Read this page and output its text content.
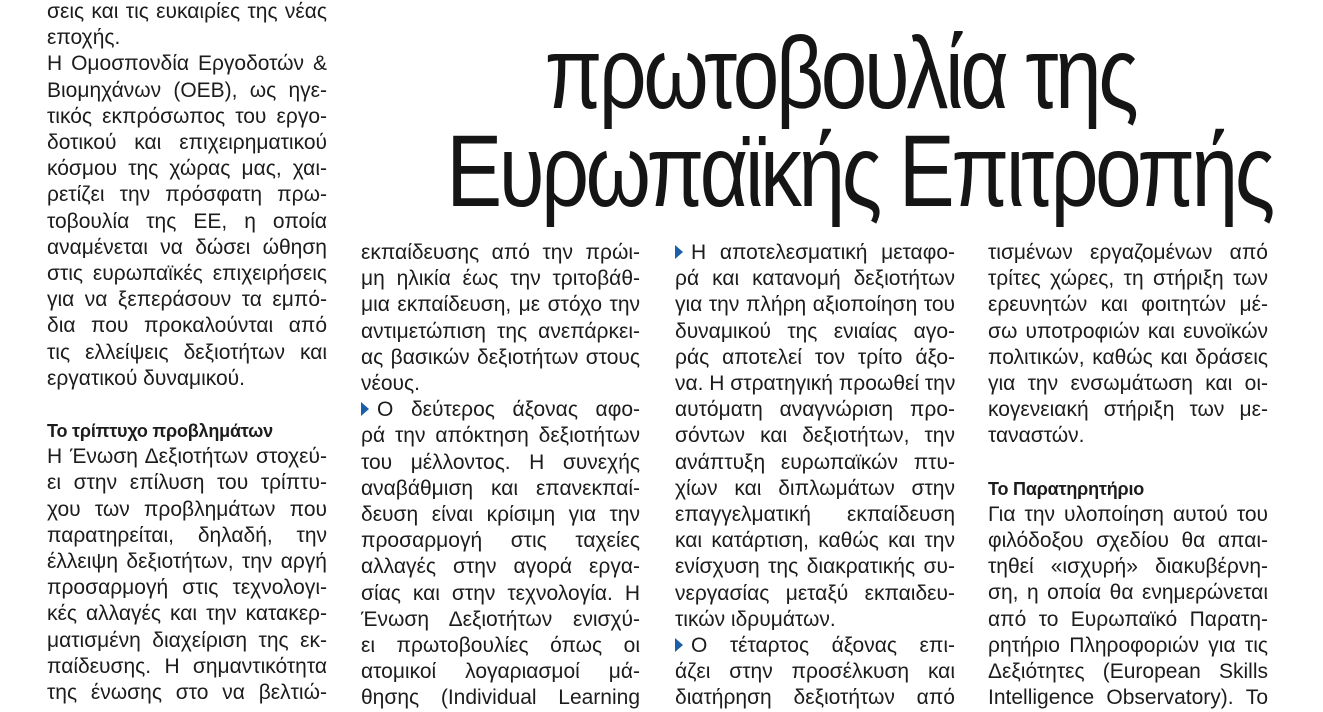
πρωτοβουλία της
Ευρωπαϊκής Επιτροπής
σεις και τις ευκαιρίες της νέας
εποχής.
Η Ομοσπονδία Εργοδοτών &
Βιομηχάνων (ΟΕΒ), ως ηγε-
τικός εκπρόσωπος του εργο-
δοτικού και επιχειρηματικού
κόσμου της χώρας μας, χαι-
ρετίζει την πρόσφατη πρω-
τοβουλία της ΕΕ, η οποία
αναμένεται να δώσει ώθηση
στις ευρωπαϊκές επιχειρήσεις
για να ξεπεράσουν τα εμπό-
δια που προκαλούνται από
τις ελλείψεις δεξιοτήτων και
εργατικού δυναμικού.
Το τρίπτυχο προβλημάτων
Η Ένωση Δεξιοτήτων στοχεύ-
ει στην επίλυση του τρίπτυ-
χου των προβλημάτων που
παρατηρείται, δηλαδή, την
έλλειψη δεξιοτήτων, την αργή
προσαρμογή στις τεχνολογι-
κές αλλαγές και την κατακερ-
ματισμένη διαχείριση της εκ-
παίδευσης. Η σημαντικότητα
της ένωσης στο να βελτιώ-
εκπαίδευσης από την πρώι-
μη ηλικία έως την τριτοβάθ-
μια εκπαίδευση, με στόχο την
αντιμετώπιση της ανεπάρκει-
ας βασικών δεξιοτήτων στους
νέους.
Ο δεύτερος άξονας αφο-
ρά την απόκτηση δεξιοτήτων
του μέλλοντος. Η συνεχής
αναβάθμιση και επανεκπαί-
δευση είναι κρίσιμη για την
προσαρμογή στις ταχείες
αλλαγές στην αγορά εργα-
σίας και στην τεχνολογία. Η
Ένωση Δεξιοτήτων ενισχύ-
ει πρωτοβουλίες όπως οι
ατομικοί λογαριασμοί μά-
θησης (Individual Learning
Η αποτελεσματική μεταφο-
ρά και κατανομή δεξιοτήτων
για την πλήρη αξιοποίηση του
δυναμικού της ενιαίας αγο-
ράς αποτελεί τον τρίτο άξο-
να. Η στρατηγική προωθεί την
αυτόματη αναγνώριση προ-
σόντων και δεξιοτήτων, την
ανάπτυξη ευρωπαϊκών πτυ-
χίων και διπλωμάτων στην
επαγγελματική εκπαίδευση
και κατάρτιση, καθώς και την
ενίσχυση της διακρατικής συ-
νεργασίας μεταξύ εκπαιδευ-
τικών ιδρυμάτων.
Ο τέταρτος άξονας επι-
άζει στην προσέλκυση και
διατήρηση δεξιοτήτων από
τισμένων εργαζομένων από
τρίτες χώρες, τη στήριξη των
ερευνητών και φοιτητών μέ-
σω υποτροφιών και ευνοϊκών
πολιτικών, καθώς και δράσεις
για την ενσωμάτωση και οι-
κογενειακή στήριξη των με-
ταναστών.
Το Παρατηρητήριο
Για την υλοποίηση αυτού του
φιλόδοξου σχεδίου θα απαι-
τηθεί «ισχυρή» διακυβέρνη-
ση, η οποία θα ενημερώνεται
από το Ευρωπαϊκό Παρατη-
ρητήριο Πληροφοριών για τις
Δεξιότητες (European Skills
Intelligence Observatory). Το
